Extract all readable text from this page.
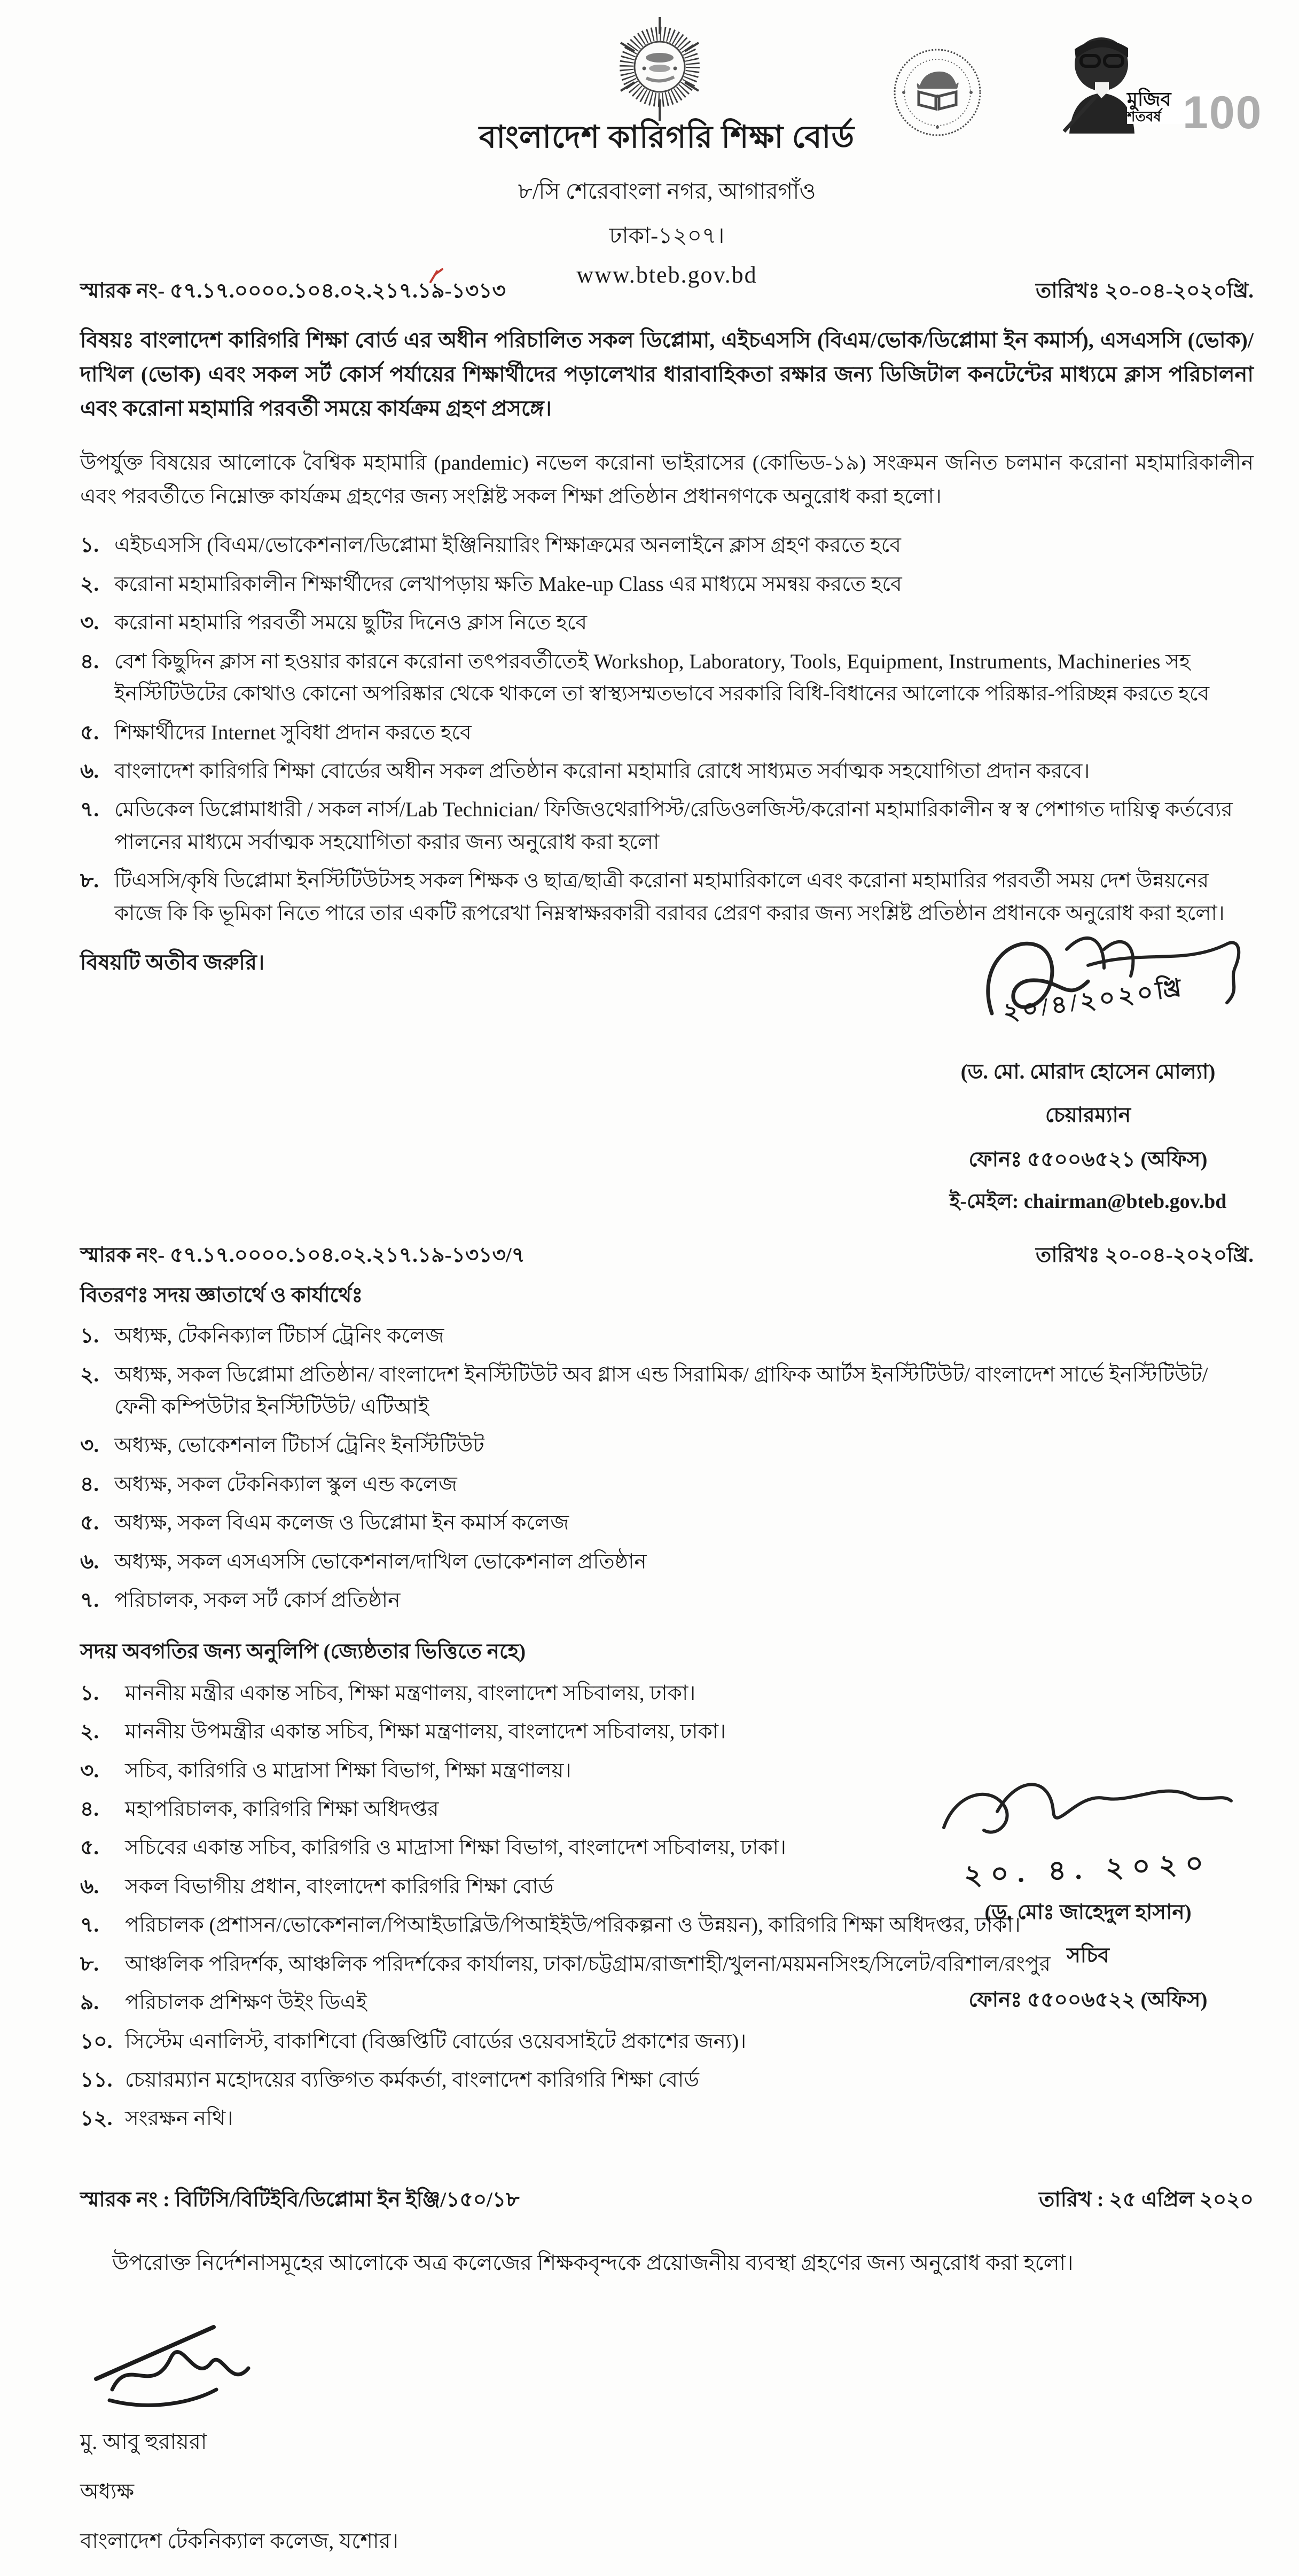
বাংলাদেশ কারিগরি শিক্ষা বোর্ড
৮/সি শেরেবাংলা নগর, আগারগাঁও
ঢাকা-১২০৭।
www.bteb.gov.bd
মুজিব
শতবর্ষ 100
স্মারক নং- ৫৭.১৭.০০০০.১০৪.০২.২১৭.১৯-১৩১৩	তারিখঃ ২০-০৪-২০২০খ্রি.
বিষয়ঃ বাংলাদেশ কারিগরি শিক্ষা বোর্ড এর অধীন পরিচালিত সকল ডিপ্লোমা, এইচএসসি (বিএম/ভোক/ডিপ্লোমা ইন কমার্স), এসএসসি (ভোক)/দাখিল (ভোক) এবং সকল সর্ট কোর্স পর্যায়ের শিক্ষার্থীদের পড়ালেখার ধারাবাহিকতা রক্ষার জন্য ডিজিটাল কনটেন্টের মাধ্যমে ক্লাস পরিচালনা এবং করোনা মহামারি পরবর্তী সময়ে কার্যক্রম গ্রহণ প্রসঙ্গে।
উপর্যুক্ত বিষয়ের আলোকে বৈশ্বিক মহামারি (pandemic) নভেল করোনা ভাইরাসের (কোভিড-১৯) সংক্রমন জনিত চলমান করোনা মহামারিকালীন এবং পরবর্তীতে নিম্নোক্ত কার্যক্রম গ্রহণের জন্য সংশ্লিষ্ট সকল শিক্ষা প্রতিষ্ঠান প্রধানগণকে অনুরোধ করা হলো।
১. এইচএসসি (বিএম/ভোকেশনাল/ডিপ্লোমা ইঞ্জিনিয়ারিং শিক্ষাক্রমের অনলাইনে ক্লাস গ্রহণ করতে হবে
২. করোনা মহামারিকালীন শিক্ষার্থীদের লেখাপড়ায় ক্ষতি Make-up Class এর মাধ্যমে সমন্বয় করতে হবে
৩. করোনা মহামারি পরবর্তী সময়ে ছুটির দিনেও ক্লাস নিতে হবে
৪. বেশ কিছুদিন ক্লাস না হওয়ার কারনে করোনা তৎপরবর্তীতেই Workshop, Laboratory, Tools, Equipment, Instruments, Machineries সহ ইনস্টিটিউটের কোথাও কোনো অপরিষ্কার থেকে থাকলে তা স্বাস্থ্যসম্মতভাবে সরকারি বিধি-বিধানের আলোকে পরিষ্কার-পরিচ্ছন্ন করতে হবে
৫. শিক্ষার্থীদের Internet সুবিধা প্রদান করতে হবে
৬. বাংলাদেশ কারিগরি শিক্ষা বোর্ডের অধীন সকল প্রতিষ্ঠান করোনা মহামারি রোধে সাধ্যমত সর্বাত্মক সহযোগিতা প্রদান করবে।
৭. মেডিকেল ডিপ্লোমাধারী / সকল নার্স/Lab Technician/ ফিজিওথেরাপিস্ট/রেডিওলজিস্ট/করোনা মহামারিকালীন স্ব স্ব পেশাগত দায়িত্ব কর্তব্যের পালনের মাধ্যমে সর্বাত্মক সহযোগিতা করার জন্য অনুরোধ করা হলো
৮. টিএসসি/কৃষি ডিপ্লোমা ইনস্টিটিউটসহ সকল শিক্ষক ও ছাত্র/ছাত্রী করোনা মহামারিকালে এবং করোনা মহামারির পরবর্তী সময় দেশ উন্নয়নের কাজে কি কি ভূমিকা নিতে পারে তার একটি রূপরেখা নিম্নস্বাক্ষরকারী বরাবর প্রেরণ করার জন্য সংশ্লিষ্ট প্রতিষ্ঠান প্রধানকে অনুরোধ করা হলো।
বিষয়টি অতীব জরুরি।
২০/৪/২০২০খ্রি
(ড. মো. মোরাদ হোসেন মোল্যা)
চেয়ারম্যান
ফোনঃ ৫৫০০৬৫২১ (অফিস)
ই-মেইল: chairman@bteb.gov.bd
স্মারক নং- ৫৭.১৭.০০০০.১০৪.০২.২১৭.১৯-১৩১৩/৭	তারিখঃ ২০-০৪-২০২০খ্রি.
বিতরণঃ সদয় জ্ঞাতার্থে ও কার্যার্থেঃ
১. অধ্যক্ষ, টেকনিক্যাল টিচার্স ট্রেনিং কলেজ
২. অধ্যক্ষ, সকল ডিপ্লোমা প্রতিষ্ঠান/ বাংলাদেশ ইনস্টিটিউট অব গ্লাস এন্ড সিরামিক/ গ্রাফিক আর্টস ইনস্টিটিউট/ বাংলাদেশ সার্ভে ইনস্টিটিউট/ ফেনী কম্পিউটার ইনস্টিটিউট/ এটিআই
৩. অধ্যক্ষ, ভোকেশনাল টিচার্স ট্রেনিং ইনস্টিটিউট
৪. অধ্যক্ষ, সকল টেকনিক্যাল স্কুল এন্ড কলেজ
৫. অধ্যক্ষ, সকল বিএম কলেজ ও ডিপ্লোমা ইন কমার্স কলেজ
৬. অধ্যক্ষ, সকল এসএসসি ভোকেশনাল/দাখিল ভোকেশনাল প্রতিষ্ঠান
৭. পরিচালক, সকল সর্ট কোর্স প্রতিষ্ঠান
সদয় অবগতির জন্য অনুলিপি (জ্যেষ্ঠতার ভিত্তিতে নহে)
১.	মাননীয় মন্ত্রীর একান্ত সচিব, শিক্ষা মন্ত্রণালয়, বাংলাদেশ সচিবালয়, ঢাকা।
২.	মাননীয় উপমন্ত্রীর একান্ত সচিব, শিক্ষা মন্ত্রণালয়, বাংলাদেশ সচিবালয়, ঢাকা।
৩.	সচিব, কারিগরি ও মাদ্রাসা শিক্ষা বিভাগ, শিক্ষা মন্ত্রণালয়।
৪.	মহাপরিচালক, কারিগরি শিক্ষা অধিদপ্তর
৫.	সচিবের একান্ত সচিব, কারিগরি ও মাদ্রাসা শিক্ষা বিভাগ, বাংলাদেশ সচিবালয়, ঢাকা।
৬.	সকল বিভাগীয় প্রধান, বাংলাদেশ কারিগরি শিক্ষা বোর্ড
৭.	পরিচালক (প্রশাসন/ভোকেশনাল/পিআইডাব্লিউ/পিআইইউ/পরিকল্পনা ও উন্নয়ন), কারিগরি শিক্ষা অধিদপ্তর, ঢাকা।
৮.	আঞ্চলিক পরিদর্শক, আঞ্চলিক পরিদর্শকের কার্যালয়, ঢাকা/চট্টগ্রাম/রাজশাহী/খুলনা/ময়মনসিংহ/সিলেট/বরিশাল/রংপুর
৯.	পরিচালক প্রশিক্ষণ উইং ডিএই
১০. সিস্টেম এনালিস্ট, বাকাশিবো (বিজ্ঞপ্তিটি বোর্ডের ওয়েবসাইটে প্রকাশের জন্য)।
১১. চেয়ারম্যান মহোদয়ের ব্যক্তিগত কর্মকর্তা, বাংলাদেশ কারিগরি শিক্ষা বোর্ড
১২. সংরক্ষন নথি।
২০. ৪. ২০২০
(ড. মোঃ জাহেদুল হাসান)
সচিব
ফোনঃ ৫৫০০৬৫২২ (অফিস)
স্মারক নং : বিটিসি/বিটিইবি/ডিপ্লোমা ইন ইঞ্জি/১৫০/১৮	তারিখ : ২৫ এপ্রিল ২০২০
উপরোক্ত নির্দেশনাসমূহের আলোকে অত্র কলেজের শিক্ষকবৃন্দকে প্রয়োজনীয় ব্যবস্থা গ্রহণের জন্য অনুরোধ করা হলো।
মু. আবু হুরায়রা
অধ্যক্ষ
বাংলাদেশ টেকনিক্যাল কলেজ, যশোর।
